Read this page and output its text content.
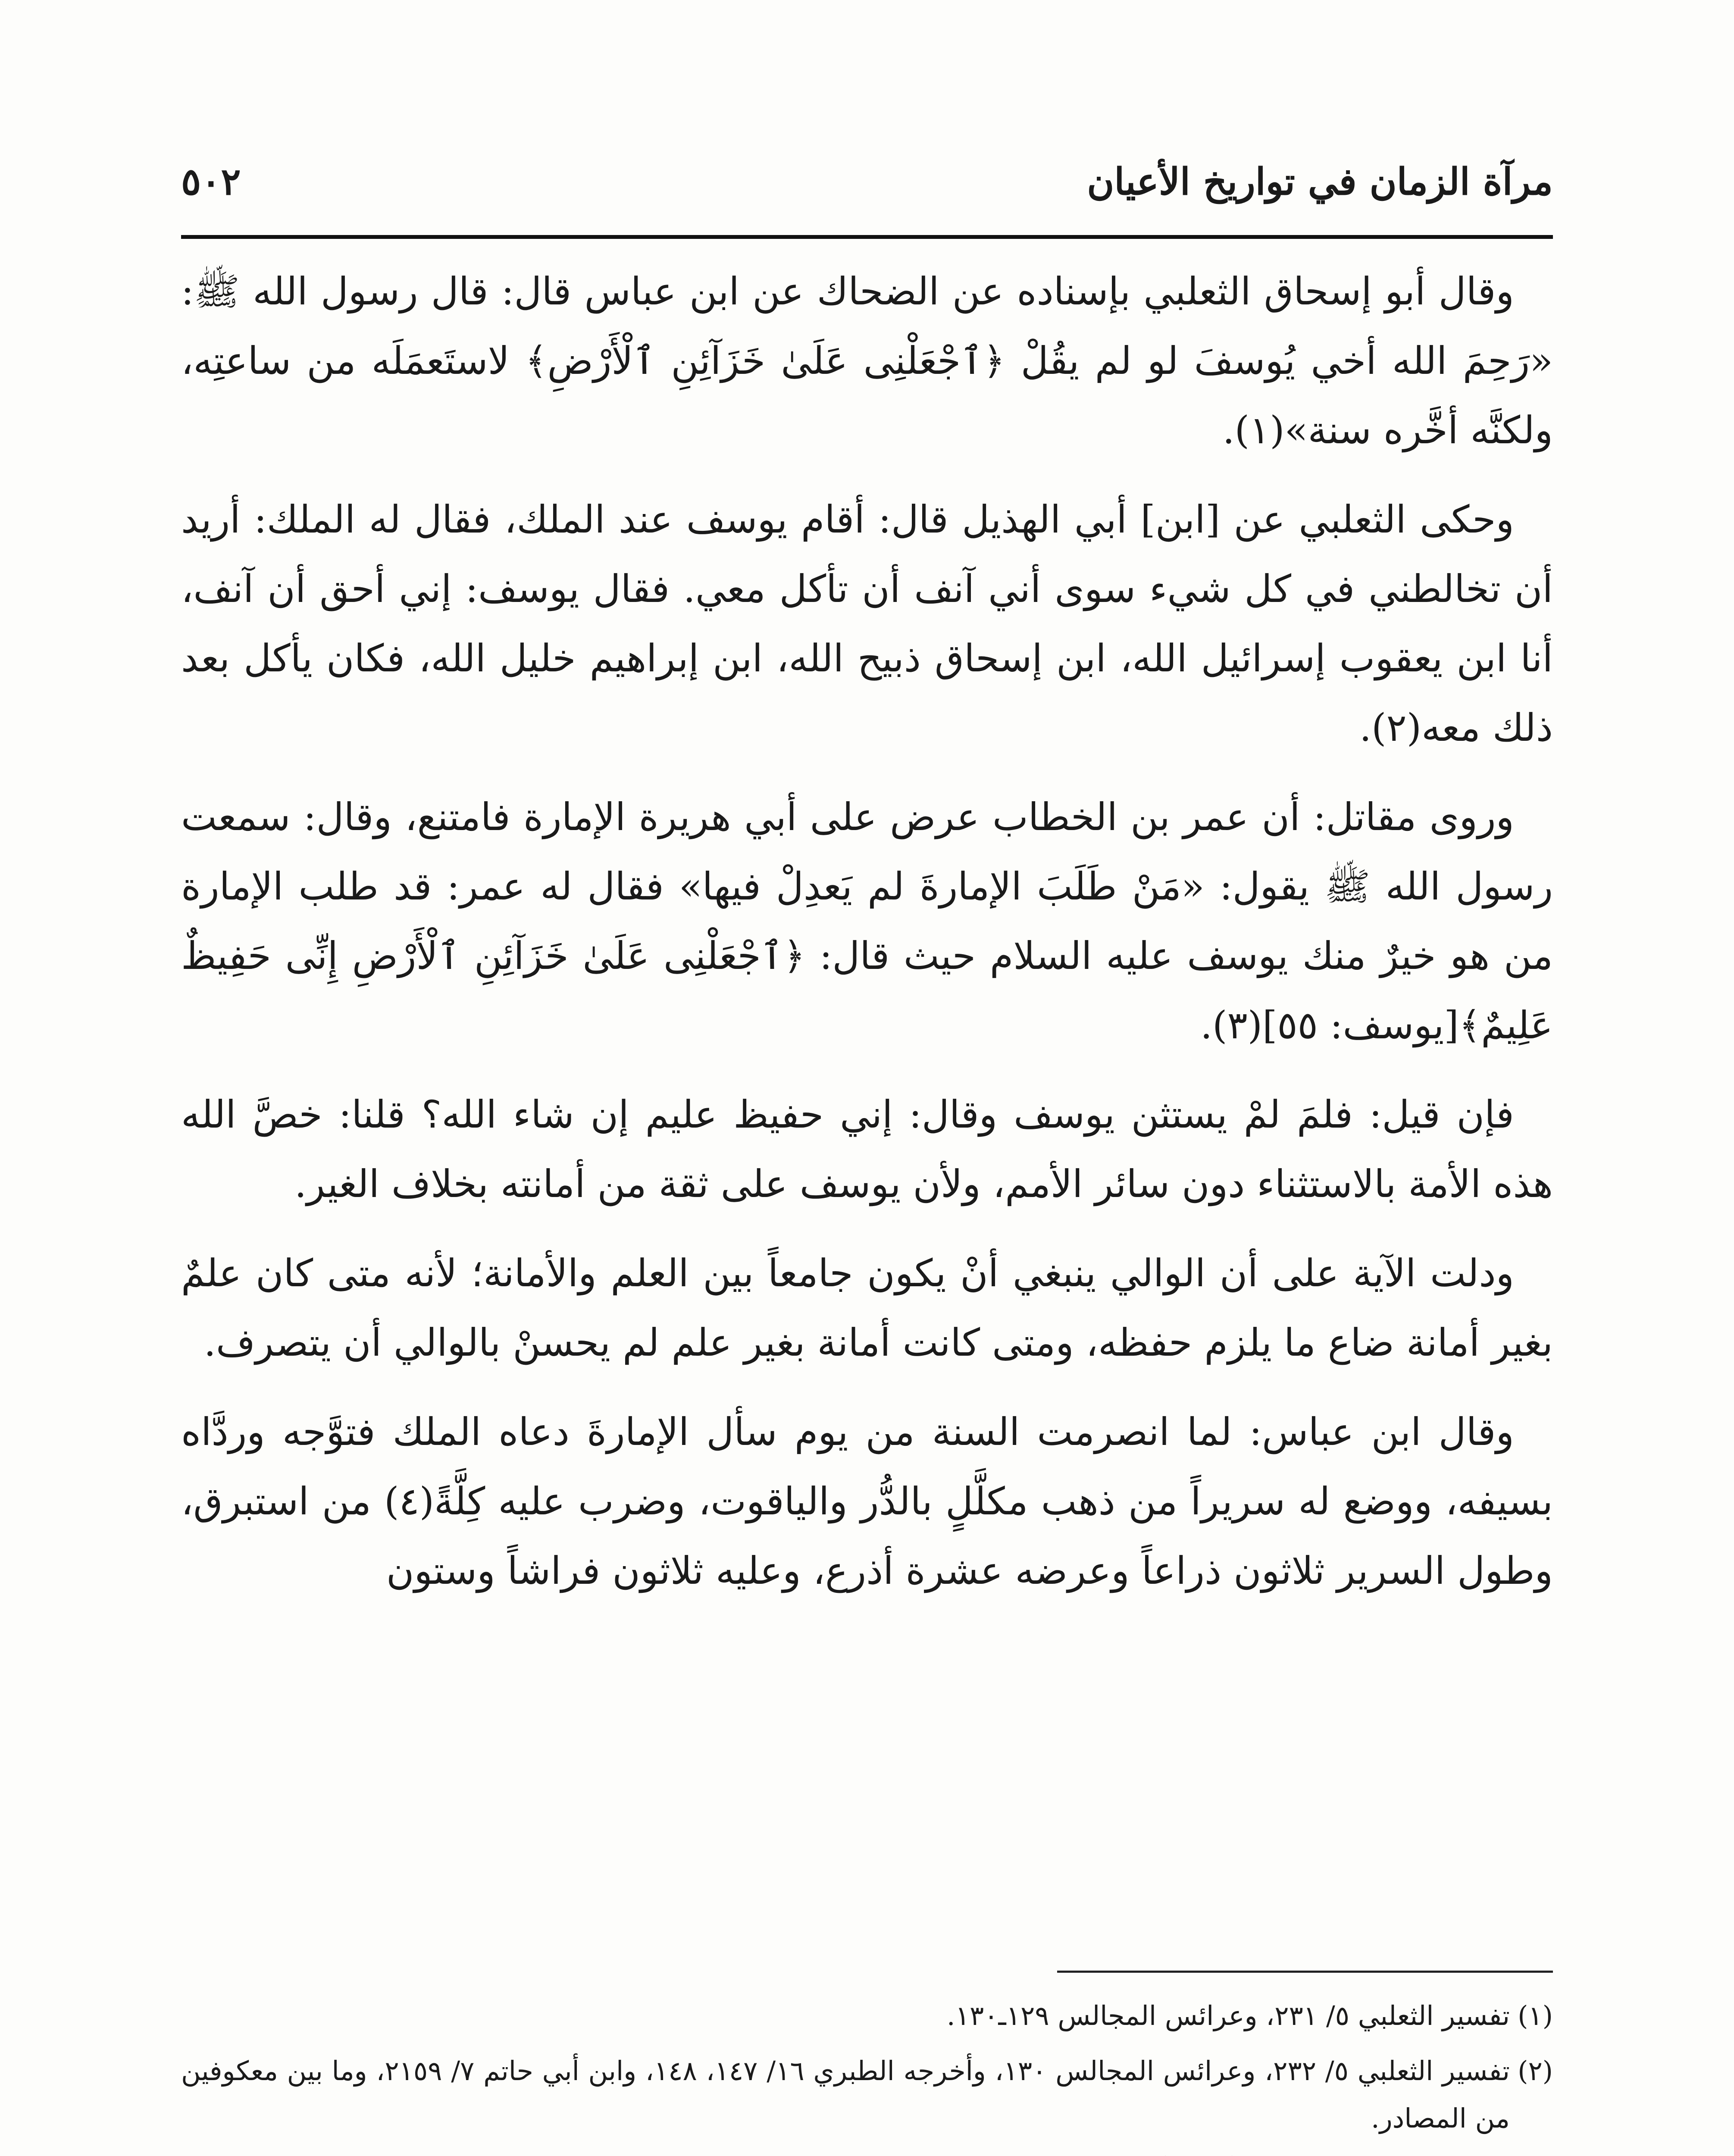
مرآة الزمان في تواريخ الأعيان
٥٠٢

وقال أبو إسحاق الثعلبي بإسناده عن الضحاك عن ابن عباس قال: قال رسول الله ﷺ: «رَحِمَ الله أخي يُوسفَ لو لم يقُلْ ﴿ٱجْعَلْنِى عَلَىٰ خَزَآئِنِ ٱلْأَرْضِ﴾ لاستَعمَلَه من ساعتِه، ولكنَّه أخَّره سنة»(١).

وحكى الثعلبي عن [ابن] أبي الهذيل قال: أقام يوسف عند الملك، فقال له الملك: أريد أن تخالطني في كل شيء سوى أني آنف أن تأكل معي. فقال يوسف: إني أحق أن آنف، أنا ابن يعقوب إسرائيل الله، ابن إسحاق ذبيح الله، ابن إبراهيم خليل الله، فكان يأكل بعد ذلك معه(٢).

وروى مقاتل: أن عمر بن الخطاب عرض على أبي هريرة الإمارة فامتنع، وقال: سمعت رسول الله ﷺ يقول: «مَنْ طَلَبَ الإمارةَ لم يَعدِلْ فيها» فقال له عمر: قد طلب الإمارة من هو خيرٌ منك يوسف عليه السلام حيث قال: ﴿ٱجْعَلْنِى عَلَىٰ خَزَآئِنِ ٱلْأَرْضِ إِنِّى حَفِيظٌ عَلِيمٌ﴾[يوسف: ٥٥](٣).

فإن قيل: فلمَ لمْ يستثن يوسف وقال: إني حفيظ عليم إن شاء الله؟ قلنا: خصَّ الله هذه الأمة بالاستثناء دون سائر الأمم، ولأن يوسف على ثقة من أمانته بخلاف الغير.

ودلت الآية على أن الوالي ينبغي أنْ يكون جامعاً بين العلم والأمانة؛ لأنه متى كان علمٌ بغير أمانة ضاع ما يلزم حفظه، ومتى كانت أمانة بغير علم لم يحسنْ بالوالي أن يتصرف.

وقال ابن عباس: لما انصرمت السنة من يوم سأل الإمارةَ دعاه الملك فتوَّجه وردَّاه بسيفه، ووضع له سريراً من ذهب مكلَّلٍ بالدُّر والياقوت، وضرب عليه كِلَّةً(٤) من استبرق، وطول السرير ثلاثون ذراعاً وعرضه عشرة أذرع، وعليه ثلاثون فراشاً وستون

(١)تفسير الثعلبي ٥/ ٢٣١، وعرائس المجالس ١٢٩ـ١٣٠.

(٢)تفسير الثعلبي ٥/ ٢٣٢، وعرائس المجالس ١٣٠، وأخرجه الطبري ١٦/ ١٤٧، ١٤٨، وابن أبي حاتم ٧/ ٢١٥٩، وما بين معكوفين من المصادر.
